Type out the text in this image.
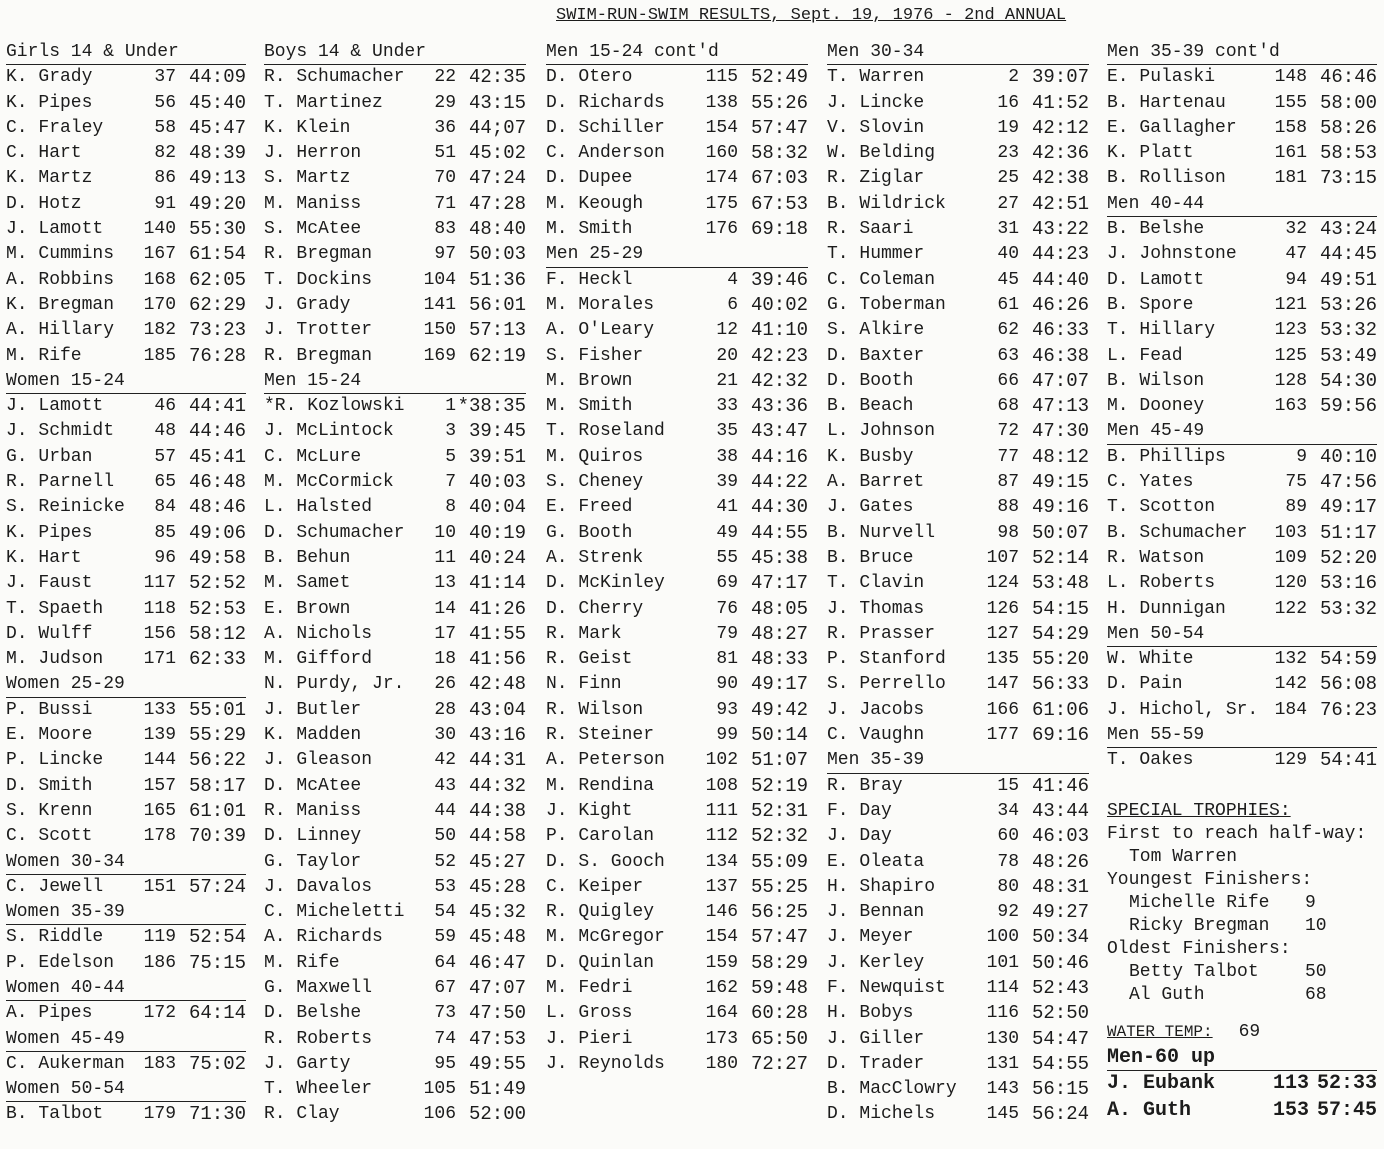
SWIM-RUN-SWIM RESULTS, Sept. 19, 1976 - 2nd ANNUAL
Girls 14 & Under
K. Grady	37 44:09
K. Pipes	56 45:40
C. Fraley	58 45:47
C. Hart	82 48:39
K. Martz	86 49:13
D. Hotz	91 49:20
J. Lamott	140 55:30
M. Cummins	167 61:54
A. Robbins	168 62:05
K. Bregman	170 62:29
A. Hillary	182 73:23
M. Rife	185 76:28
Women 15-24
J. Lamott	46 44:41
J. Schmidt	48 44:46
G. Urban	57 45:41
R. Parnell	65 46:48
S. Reinicke	84 48:46
K. Pipes	85 49:06
K. Hart	96 49:58
J. Faust	117 52:52
T. Spaeth	118 52:53
D. Wulff	156 58:12
M. Judson	171 62:33
Women 25-29
P. Bussi	133 55:01
E. Moore	139 55:29
P. Lincke	144 56:22
D. Smith	157 58:17
S. Krenn	165 61:01
C. Scott	178 70:39
Women 30-34
C. Jewell	151 57:24
Women 35-39
S. Riddle	119 52:54
P. Edelson	186 75:15
Women 40-44
A. Pipes	172 64:14
Women 45-49
C. Aukerman	183 75:02
Women 50-54
B. Talbot	179 71:30
Boys 14 & Under
R. Schumacher	22 42:35
T. Martinez	29 43:15
K. Klein	36 44;07
J. Herron	51 45:02
S. Martz	70 47:24
M. Maniss	71 47:28
S. McAtee	83 48:40
R. Bregman	97 50:03
T. Dockins	104 51:36
J. Grady	141 56:01
J. Trotter	150 57:13
R. Bregman	169 62:19
Men 15-24
*R. Kozlowski	1 *38:35
J. McLintock	3 39:45
C. McLure	5 39:51
M. McCormick	7 40:03
L. Halsted	8 40:04
D. Schumacher	10 40:19
B. Behun	11 40:24
M. Samet	13 41:14
E. Brown	14 41:26
A. Nichols	17 41:55
M. Gifford	18 41:56
N. Purdy, Jr.	26 42:48
J. Butler	28 43:04
K. Madden	30 43:16
J. Gleason	42 44:31
D. McAtee	43 44:32
R. Maniss	44 44:38
D. Linney	50 44:58
G. Taylor	52 45:27
J. Davalos	53 45:28
C. Micheletti	54 45:32
A. Richards	59 45:48
M. Rife	64 46:47
G. Maxwell	67 47:07
D. Belshe	73 47:50
R. Roberts	74 47:53
J. Garty	95 49:55
T. Wheeler	105 51:49
R. Clay	106 52:00
Men 15-24 cont'd
D. Otero	115 52:49
D. Richards	138 55:26
D. Schiller	154 57:47
C. Anderson	160 58:32
D. Dupee	174 67:03
M. Keough	175 67:53
M. Smith	176 69:18
Men 25-29
F. Heckl	4 39:46
M. Morales	6 40:02
A. O'Leary	12 41:10
S. Fisher	20 42:23
M. Brown	21 42:32
M. Smith	33 43:36
T. Roseland	35 43:47
M. Quiros	38 44:16
S. Cheney	39 44:22
E. Freed	41 44:30
G. Booth	49 44:55
A. Strenk	55 45:38
D. McKinley	69 47:17
D. Cherry	76 48:05
R. Mark	79 48:27
R. Geist	81 48:33
N. Finn	90 49:17
R. Wilson	93 49:42
R. Steiner	99 50:14
A. Peterson	102 51:07
M. Rendina	108 52:19
J. Kight	111 52:31
P. Carolan	112 52:32
D. S. Gooch	134 55:09
C. Keiper	137 55:25
R. Quigley	146 56:25
M. McGregor	154 57:47
D. Quinlan	159 58:29
M. Fedri	162 59:48
L. Gross	164 60:28
J. Pieri	173 65:50
J. Reynolds	180 72:27
Men 30-34
T. Warren	2 39:07
J. Lincke	16 41:52
V. Slovin	19 42:12
W. Belding	23 42:36
R. Ziglar	25 42:38
B. Wildrick	27 42:51
R. Saari	31 43:22
T. Hummer	40 44:23
C. Coleman	45 44:40
G. Toberman	61 46:26
S. Alkire	62 46:33
D. Baxter	63 46:38
D. Booth	66 47:07
B. Beach	68 47:13
L. Johnson	72 47:30
K. Busby	77 48:12
A. Barret	87 49:15
J. Gates	88 49:16
B. Nurvell	98 50:07
B. Bruce	107 52:14
T. Clavin	124 53:48
J. Thomas	126 54:15
R. Prasser	127 54:29
P. Stanford	135 55:20
S. Perrello	147 56:33
J. Jacobs	166 61:06
C. Vaughn	177 69:16
Men 35-39
R. Bray	15 41:46
F. Day	34 43:44
J. Day	60 46:03
E. Oleata	78 48:26
H. Shapiro	80 48:31
J. Bennan	92 49:27
J. Meyer	100 50:34
J. Kerley	101 50:46
F. Newquist	114 52:43
H. Bobys	116 52:50
J. Giller	130 54:47
D. Trader	131 54:55
B. MacClowry	143 56:15
D. Michels	145 56:24
Men 35-39 cont'd
E. Pulaski	148 46:46
B. Hartenau	155 58:00
E. Gallagher	158 58:26
K. Platt	161 58:53
B. Rollison	181 73:15
Men 40-44
B. Belshe	32 43:24
J. Johnstone	47 44:45
D. Lamott	94 49:51
B. Spore	121 53:26
T. Hillary	123 53:32
L. Fead	125 53:49
B. Wilson	128 54:30
M. Dooney	163 59:56
Men 45-49
B. Phillips	9 40:10
C. Yates	75 47:56
T. Scotton	89 49:17
B. Schumacher	103 51:17
R. Watson	109 52:20
L. Roberts	120 53:16
H. Dunnigan	122 53:32
Men 50-54
W. White	132 54:59
D. Pain	142 56:08
J. Hichol, Sr. 184 76:23
Men 55-59
T. Oakes	129 54:41
SPECIAL TROPHIES:
First to reach half-way:
Tom Warren
Youngest Finishers:
Michelle Rife	9
Ricky Bregman	10
Oldest Finishers:
Betty Talbot	50
Al Guth	68
WATER TEMP: 69
Men-60 up
J. Eubank	113 52:33
A. Guth	153 57:45
